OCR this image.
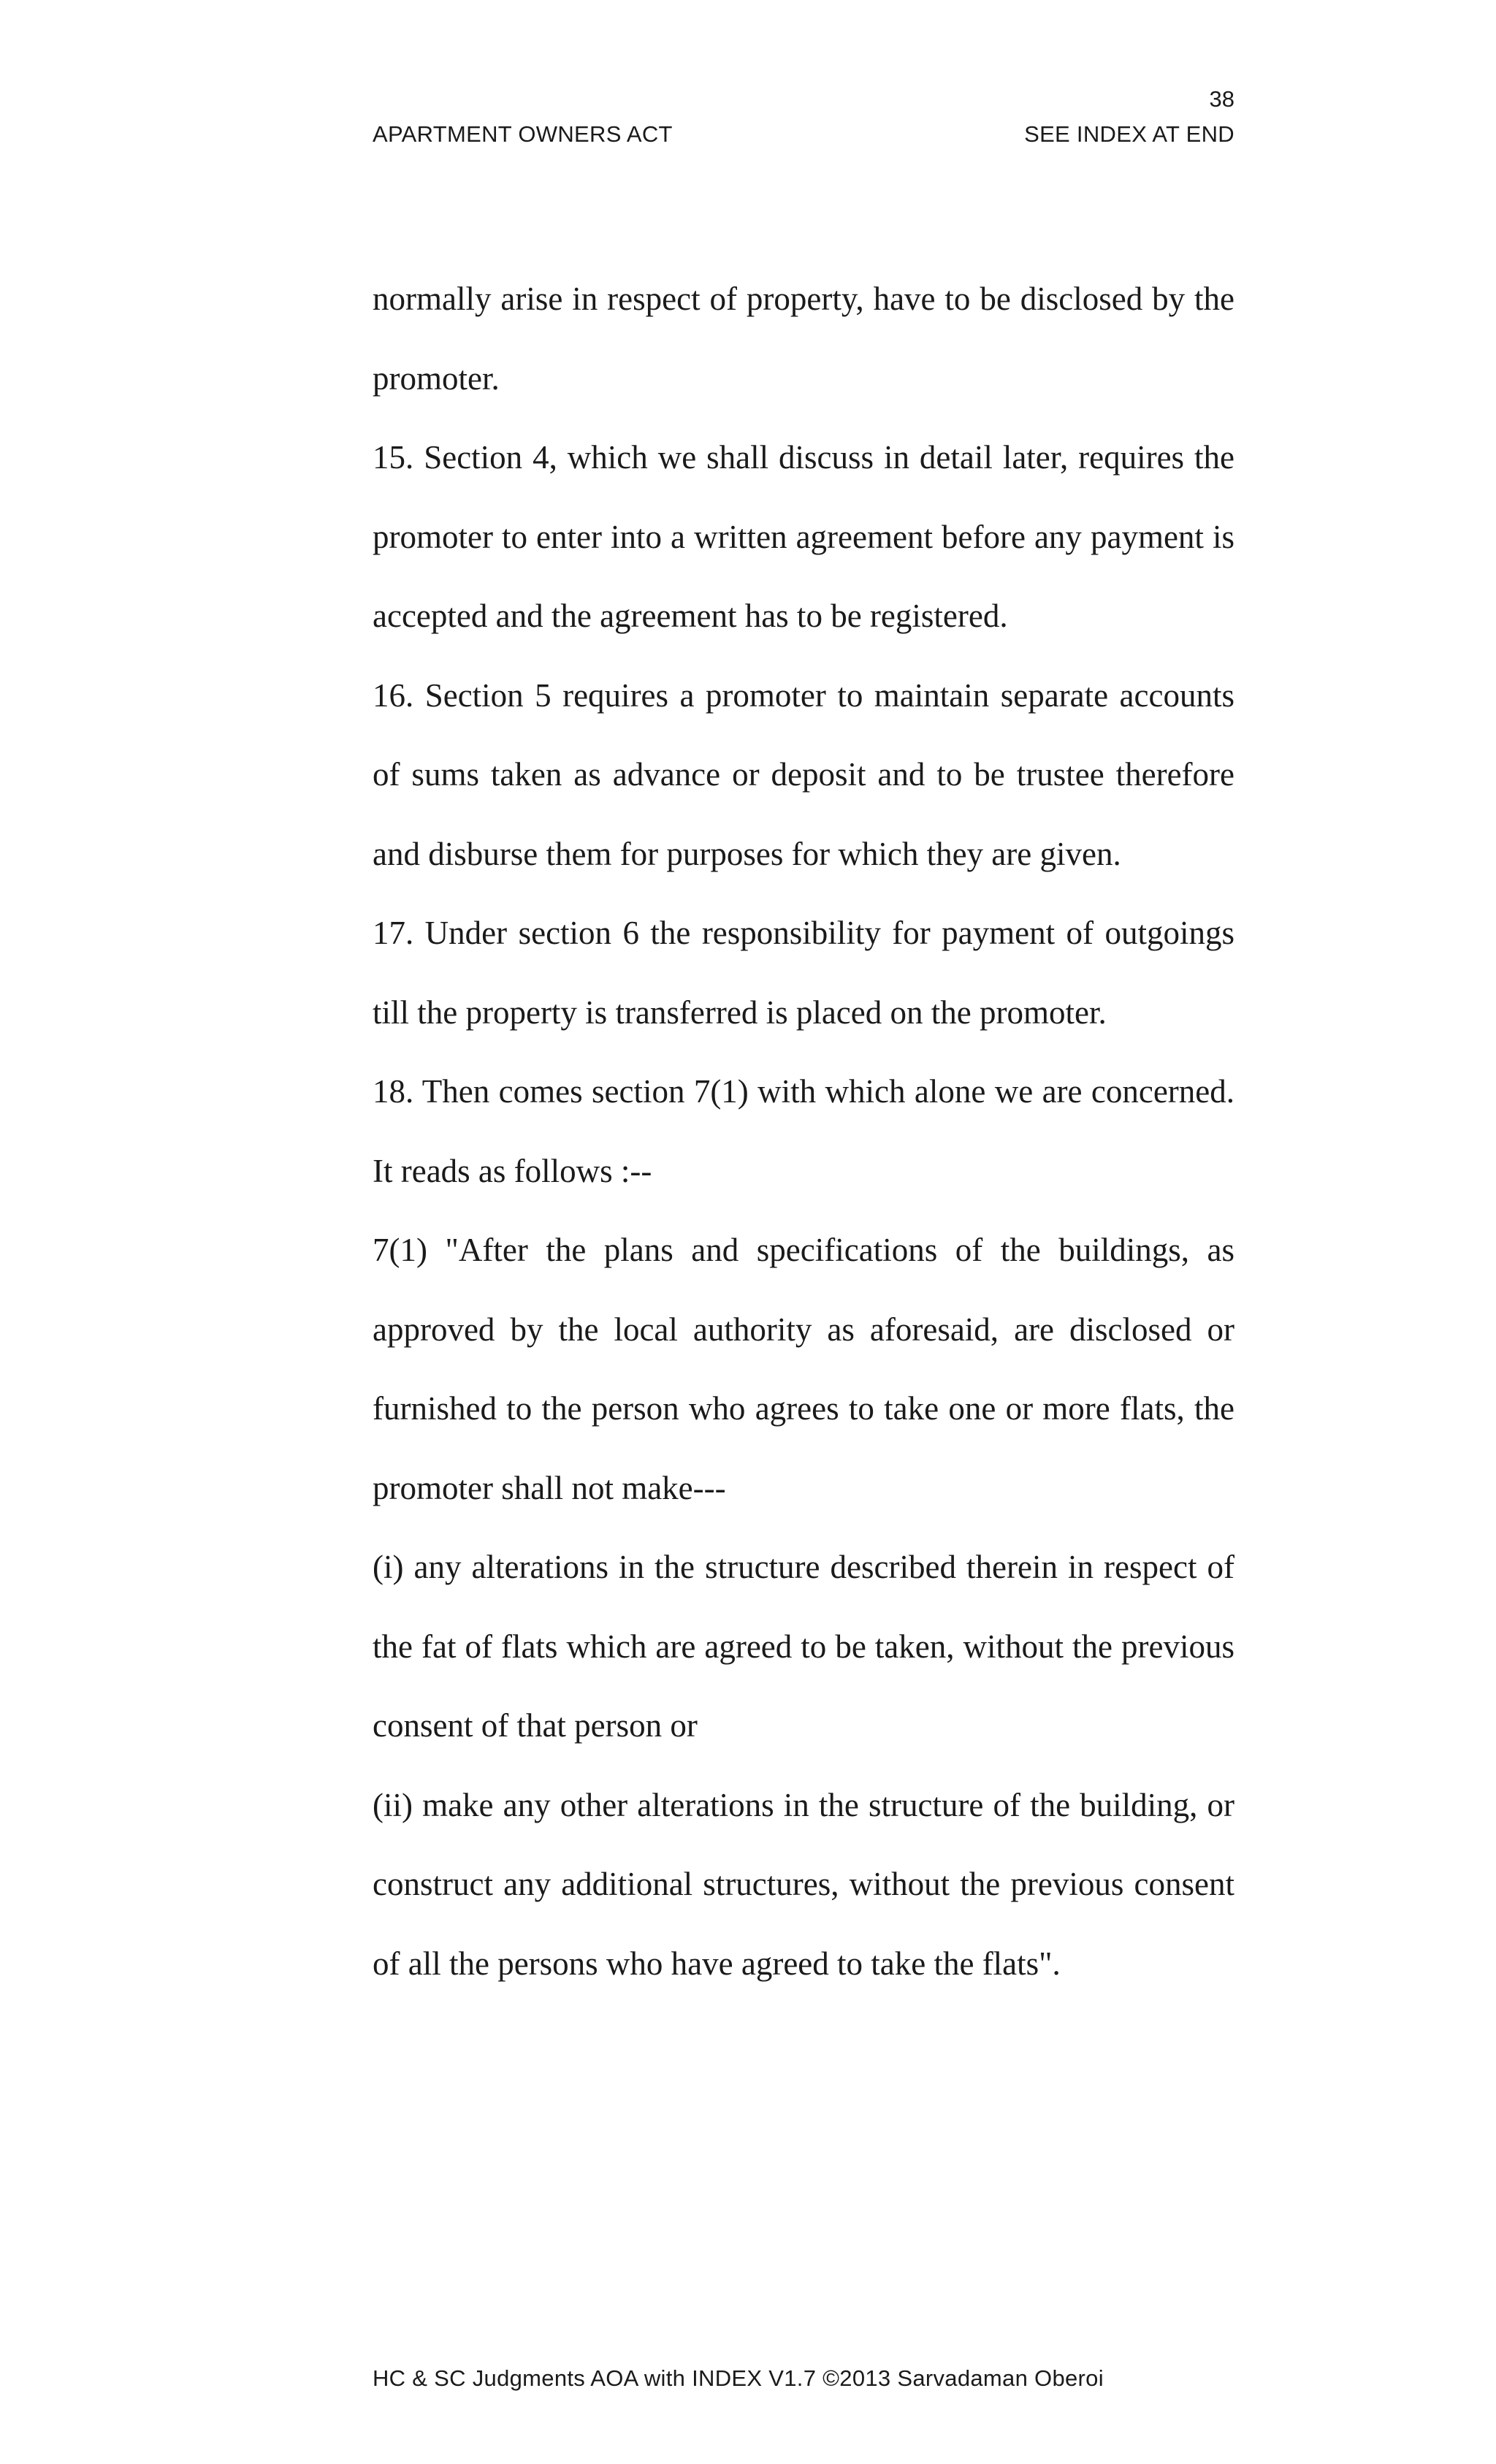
38
APARTMENT OWNERS ACT	SEE INDEX AT END

normally arise in respect of property, have to be disclosed by the promoter.

15. Section 4, which we shall discuss in detail later, requires the promoter to enter into a written agreement before any payment is accepted and the agreement has to be registered.

16. Section 5 requires a promoter to maintain separate accounts of sums taken as advance or deposit and to be trustee therefore and disburse them for purposes for which they are given.

17. Under section 6 the responsibility for payment of outgoings till the property is transferred is placed on the promoter.

18. Then comes section 7(1) with which alone we are concerned. It reads as follows :--

7(1) "After the plans and specifications of the buildings, as approved by the local authority as aforesaid, are disclosed or furnished to the person who agrees to take one or more flats, the promoter shall not make---

(i) any alterations in the structure described therein in respect of the fat of flats which are agreed to be taken, without the previous consent of that person or

(ii) make any other alterations in the structure of the building, or construct any additional structures, without the previous consent of all the persons who have agreed to take the flats".

HC & SC Judgments AOA with INDEX V1.7 ©2013 Sarvadaman Oberoi
